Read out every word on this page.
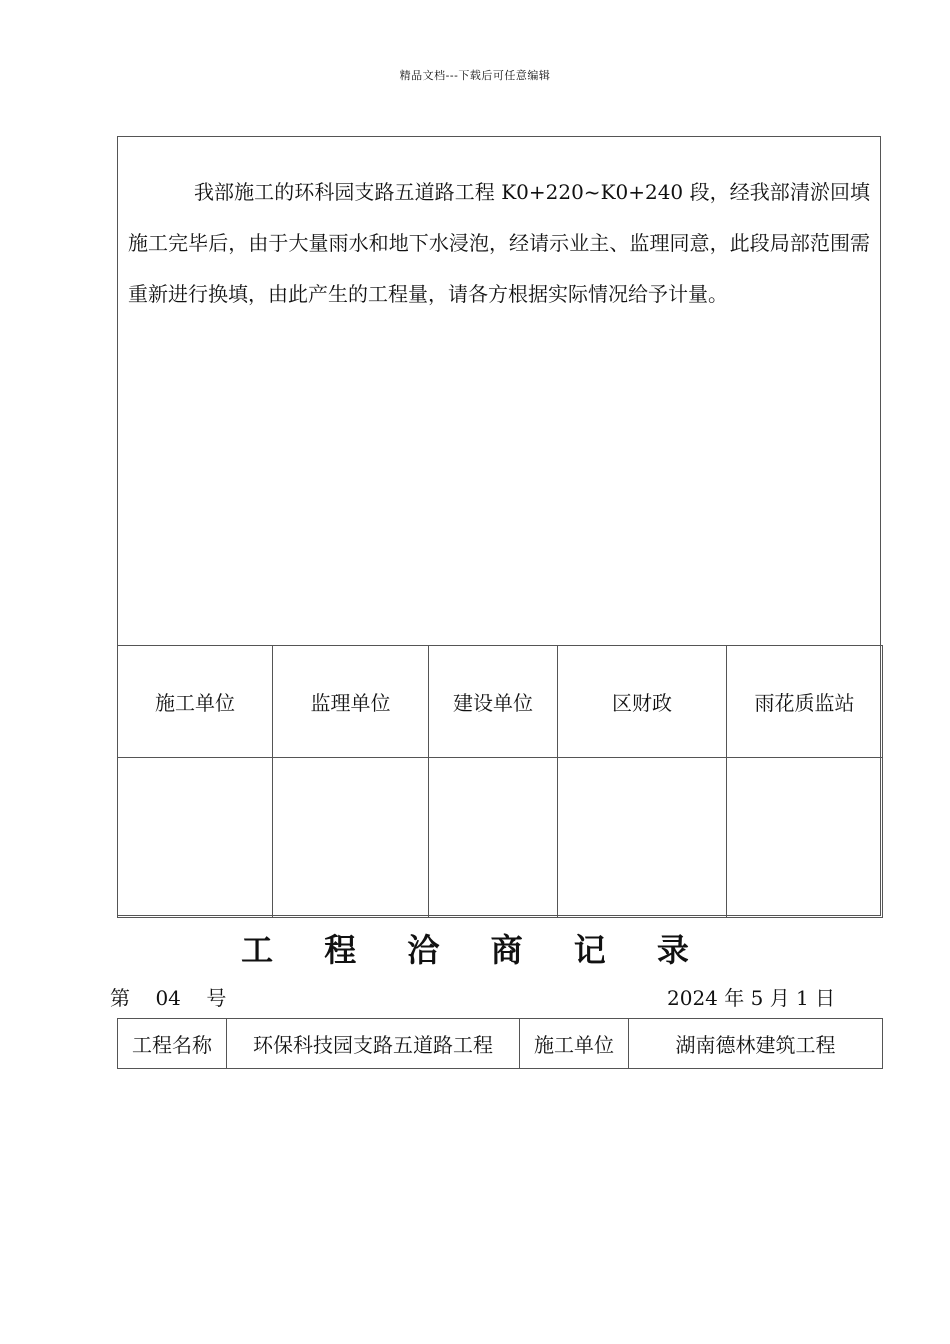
精品文档---下载后可任意编辑

我部施工的环科园支路五道路工程 K0+220~K0+240 段，经我部清淤回填施工完毕后，由于大量雨水和地下水浸泡，经请示业主、监理同意，此段局部范围需重新进行换填，由此产生的工程量，请各方根据实际情况给予计量。

施工单位	监理单位	建设单位	区财政	雨花质监站

工 程 洽 商 记 录
第 04 号	2024 年 5 月 1 日
工程名称	环保科技园支路五道路工程	施工单位	湖南德林建筑工程
